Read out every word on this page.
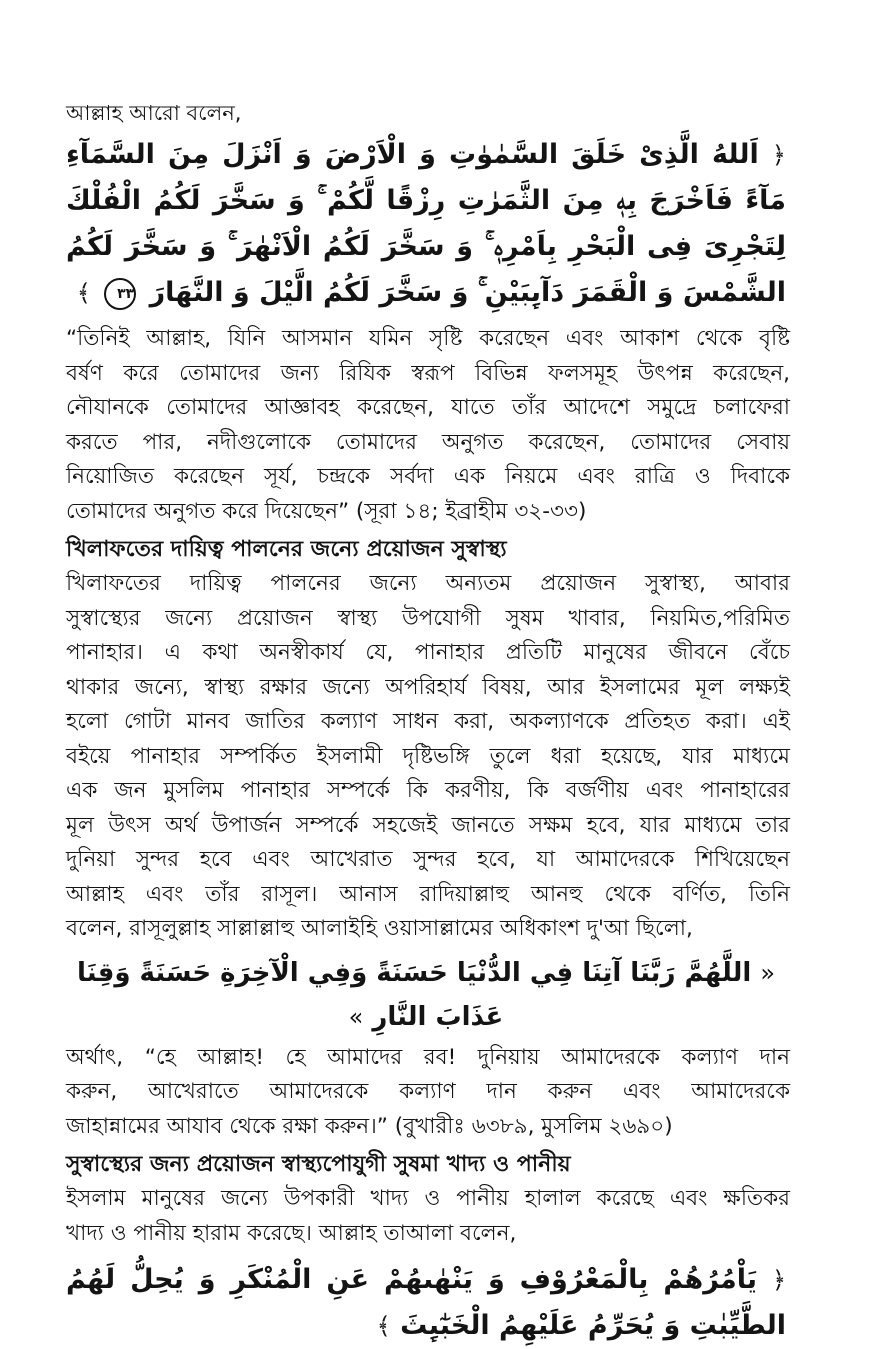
আল্লাহ আরো বলেন,
﴿ اَللهُ الَّذِیْ خَلَقَ السَّمٰوٰتِ وَ الْاَرْضَ وَ اَنْزَلَ مِنَ السَّمَآءِ مَآءً فَاَخْرَجَ بِهٖ مِنَ الثَّمَرٰتِ رِزْقًا لَّكُمْ ۚ وَ سَخَّرَ لَكُمُ الْفُلْكَ لِتَجْرِیَ فِی الْبَحْرِ بِاَمْرِهٖ ۚ وَ سَخَّرَ لَكُمُ الْاَنْهٰرَ ۚ وَ سَخَّرَ لَكُمُ الشَّمْسَ وَ الْقَمَرَ دَآىِٕبَیْنِ ۚ وَ سَخَّرَ لَكُمُ الَّیْلَ وَ النَّهَارَ ٣٣ ﴾

“তিনিই আল্লাহ, যিনি আসমান যমিন সৃষ্টি করেছেন এবং আকাশ থেকে বৃষ্টি

বর্ষণ করে তোমাদের জন্য রিযিক স্বরূপ বিভিন্ন ফলসমূহ উৎপন্ন করেছেন,

নৌযানকে তোমাদের আজ্ঞাবহ করেছেন, যাতে তাঁর আদেশে সমুদ্রে চলাফেরা

করতে পার, নদীগুলোকে তোমাদের অনুগত করেছেন, তোমাদের সেবায়

নিয়োজিত করেছেন সূর্য, চন্দ্রকে সর্বদা এক নিয়মে এবং রাত্রি ও দিবাকে

তোমাদের অনুগত করে দিয়েছেন” (সূরা ১৪; ইব্রাহীম ৩২-৩৩)

খিলাফতের দায়িত্ব পালনের জন্যে প্রয়োজন সুস্বাস্থ্য

খিলাফতের দায়িত্ব পালনের জন্যে অন্যতম প্রয়োজন সুস্বাস্থ্য, আবার

সুস্বাস্থ্যের জন্যে প্রয়োজন স্বাস্থ্য উপযোগী সুষম খাবার, নিয়মিত,পরিমিত

পানাহার। এ কথা অনস্বীকার্য যে, পানাহার প্রতিটি মানুষের জীবনে বেঁচে

থাকার জন্যে, স্বাস্থ্য রক্ষার জন্যে অপরিহার্য বিষয়, আর ইসলামের মূল লক্ষ্যই

হলো গোটা মানব জাতির কল্যাণ সাধন করা, অকল্যাণকে প্রতিহত করা। এই

বইয়ে পানাহার সম্পর্কিত ইসলামী দৃষ্টিভঙ্গি তুলে ধরা হয়েছে, যার মাধ্যমে

এক জন মুসলিম পানাহার সম্পর্কে কি করণীয়, কি বর্জণীয় এবং পানাহারের

মূল উৎস অর্থ উপার্জন সম্পর্কে সহজেই জানতে সক্ষম হবে, যার মাধ্যমে তার

দুনিয়া সুন্দর হবে এবং আখেরাত সুন্দর হবে, যা আমাদেরকে শিখিয়েছেন

আল্লাহ এবং তাঁর রাসূল। আনাস রাদিয়াল্লাহু আনহু থেকে বর্ণিত, তিনি

বলেন, রাসূলুল্লাহ সাল্লাল্লাহু আলাইহি ওয়াসাল্লামের অধিকাংশ দু'আ ছিলো,

« اللَّهُمَّ رَبَّنَا آتِنَا فِي الدُّنْيَا حَسَنَةً وَفِي الْآخِرَةِ حَسَنَةً وَقِنَا عَذَابَ النَّارِ »

অর্থাৎ, “হে আল্লাহ! হে আমাদের রব! দুনিয়ায় আমাদেরকে কল্যাণ দান

করুন, আখেরাতে আমাদেরকে কল্যাণ দান করুন এবং আমাদেরকে

জাহান্নামের আযাব থেকে রক্ষা করুন।” (বুখারীঃ ৬৩৮৯, মুসলিম ২৬৯০)

সুস্বাস্থ্যের জন্য প্রয়োজন স্বাস্থ্যপোযুগী সুষমা খাদ্য ও পানীয়

ইসলাম মানুষের জন্যে উপকারী খাদ্য ও পানীয় হালাল করেছে এবং ক্ষতিকর

খাদ্য ও পানীয় হারাম করেছে। আল্লাহ তাআলা বলেন,

﴿ یَاْمُرُهُمْ بِالْمَعْرُوْفِ وَ یَنْهٰىهُمْ عَنِ الْمُنْكَرِ وَ یُحِلُّ لَهُمُ الطَّیِّبٰتِ وَ یُحَرِّمُ عَلَیْهِمُ الْخَبٰٓىِٕثَ ﴾
